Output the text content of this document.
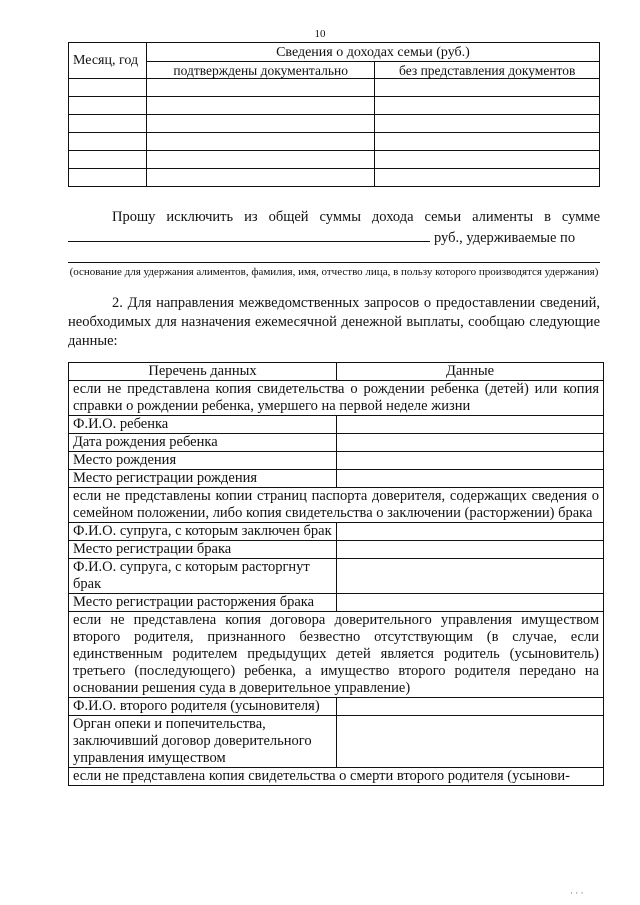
10
Месяц, год	Сведения о доходах семьи (руб.)	
	подтверждены документально	без представления документов

Прошу исключить из общей суммы дохода семьи алименты в сумме
руб., удерживаемые по

(основание для удержания алиментов, фамилия, имя, отчество лица, в пользу которого производятся удержания)

2. Для направления межведомственных запросов о предоставлении сведений, необходимых для назначения ежемесячной денежной выплаты, сообщаю следующие данные:

Перечень данных	Данные
если не представлена копия свидетельства о рождении ребенка (детей) или копия справки о рождении ребенка, умершего на первой неделе жизни	
Ф.И.О. ребенка	
Дата рождения ребенка	
Место рождения	
Место регистрации рождения	
если не представлены копии страниц паспорта доверителя, содержащих сведения о семейном положении, либо копия свидетельства о заключении (расторжении) брака	
Ф.И.О. супруга, с которым заключен брак	
Место регистрации брака	
Ф.И.О. супруга, с которым расторгнут брак	
Место регистрации расторжения брака	
если не представлена копия договора доверительного управления имуществом второго родителя, признанного безвестно отсутствующим (в случае, если единственным родителем предыдущих детей является родитель (усыновитель) третьего (последующего) ребенка, а имущество второго родителя передано на основании решения суда в доверительное управление)	
Ф.И.О. второго родителя (усыновителя)	
Орган опеки и попечительства, заключивший договор доверительного управления имуществом	
если не представлена копия свидетельства о смерти второго родителя (усынови-	
· · ·
